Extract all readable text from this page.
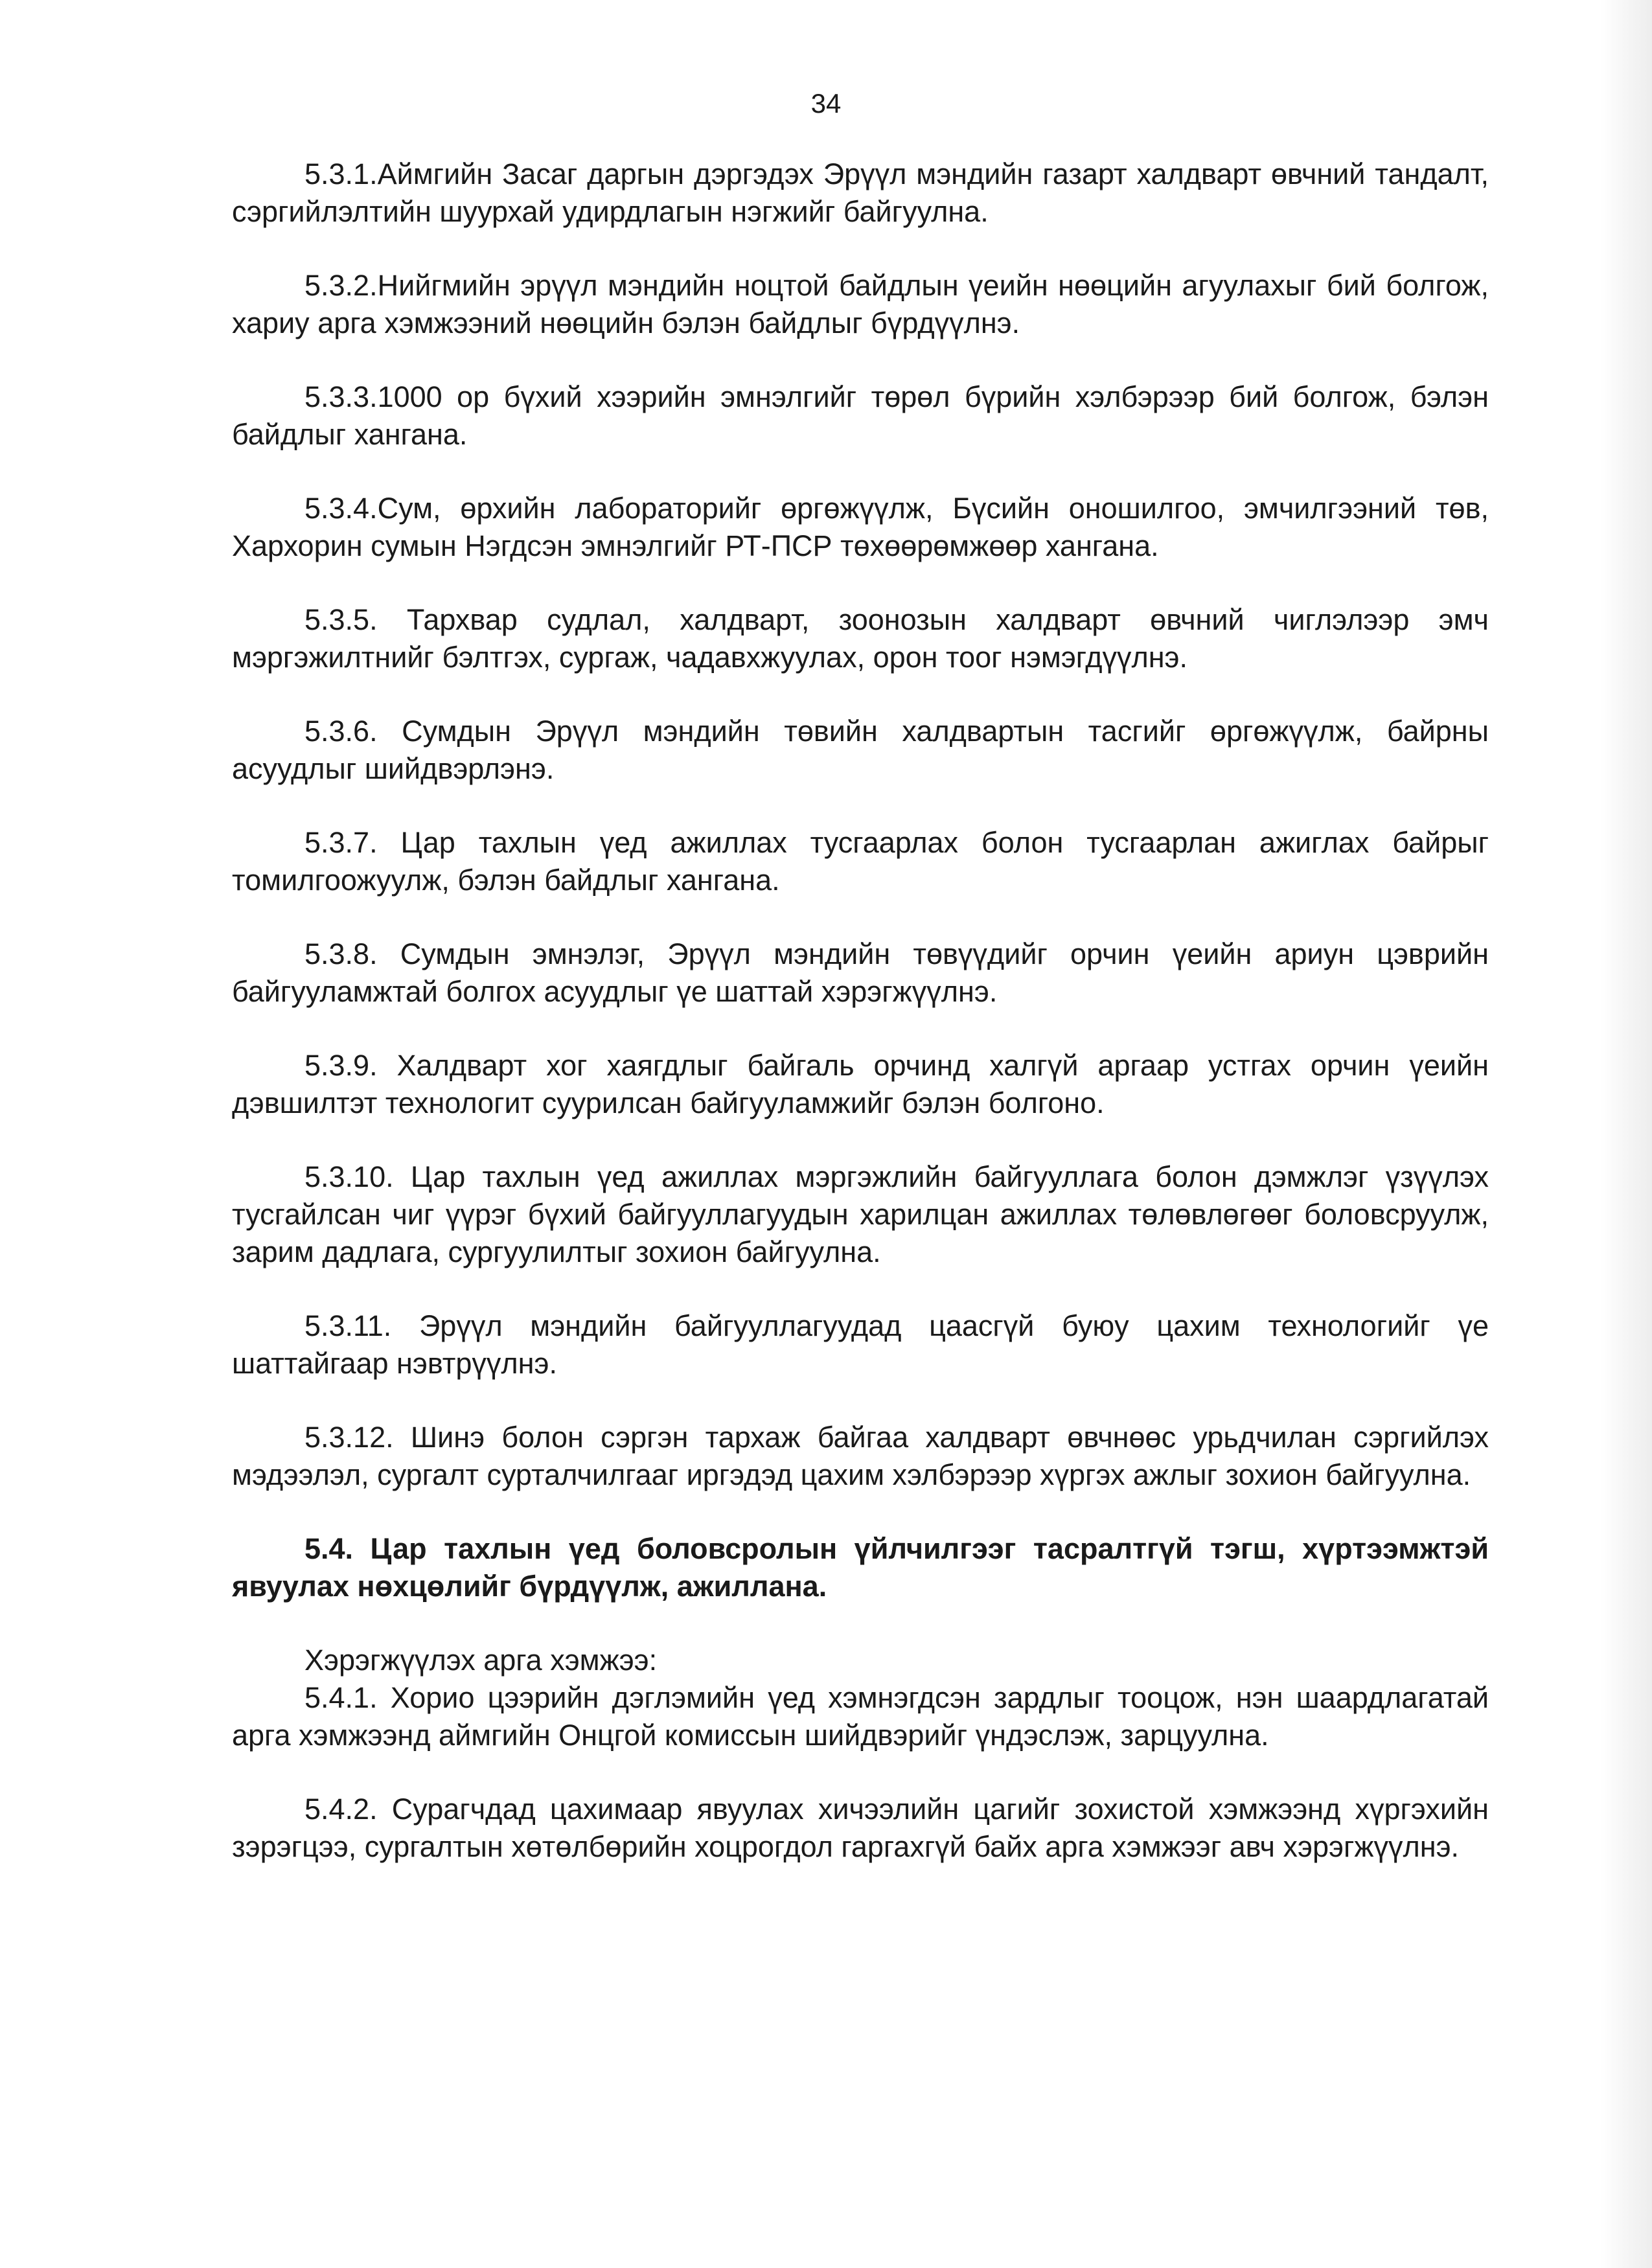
34

5.3.1.Аймгийн Засаг даргын дэргэдэх Эрүүл мэндийн газарт халдварт өвчний тандалт, сэргийлэлтийн шуурхай удирдлагын нэгжийг байгуулна.

5.3.2.Нийгмийн эрүүл мэндийн ноцтой байдлын үеийн нөөцийн агуулахыг бий болгож, хариу арга хэмжээний нөөцийн бэлэн байдлыг бүрдүүлнэ.

5.3.3.1000 ор бүхий хээрийн эмнэлгийг төрөл бүрийн хэлбэрээр бий болгож, бэлэн байдлыг хангана.

5.3.4.Сум, өрхийн лабораторийг өргөжүүлж, Бүсийн оношилгоо, эмчилгээний төв, Хархорин сумын Нэгдсэн эмнэлгийг РТ-ПСР төхөөрөмжөөр хангана.

5.3.5. Тархвар судлал, халдварт, зоонозын халдварт өвчний чиглэлээр эмч мэргэжилтнийг бэлтгэх, сургаж, чадавхжуулах, орон тоог нэмэгдүүлнэ.

5.3.6. Сумдын Эрүүл мэндийн төвийн халдвартын тасгийг өргөжүүлж, байрны асуудлыг шийдвэрлэнэ.

5.3.7. Цар тахлын үед ажиллах тусгаарлах болон тусгаарлан ажиглах байрыг томилгоожуулж, бэлэн байдлыг хангана.

5.3.8. Сумдын эмнэлэг, Эрүүл мэндийн төвүүдийг орчин үеийн ариун цэврийн байгууламжтай болгох асуудлыг үе шаттай хэрэгжүүлнэ.

5.3.9. Халдварт хог хаягдлыг байгаль орчинд халгүй аргаар устгах орчин үеийн дэвшилтэт технологит суурилсан байгууламжийг бэлэн болгоно.

5.3.10. Цар тахлын үед ажиллах мэргэжлийн байгууллага болон дэмжлэг үзүүлэх тусгайлсан чиг үүрэг бүхий байгууллагуудын харилцан ажиллах төлөвлөгөөг боловсруулж, зарим дадлага, сургуулилтыг зохион байгуулна.

5.3.11. Эрүүл мэндийн байгууллагуудад цаасгүй буюу цахим технологийг үе шаттайгаар нэвтрүүлнэ.

5.3.12. Шинэ болон сэргэн тархаж байгаа халдварт өвчнөөс урьдчилан сэргийлэх мэдээлэл, сургалт сурталчилгааг иргэдэд цахим хэлбэрээр хүргэх ажлыг зохион байгуулна.

5.4. Цар тахлын үед боловсролын үйлчилгээг тасралтгүй тэгш, хүртээмжтэй явуулах нөхцөлийг бүрдүүлж, ажиллана.

Хэрэгжүүлэх арга хэмжээ:

5.4.1. Хорио цээрийн дэглэмийн үед хэмнэгдсэн зардлыг тооцож, нэн шаардлагатай арга хэмжээнд аймгийн Онцгой комиссын шийдвэрийг үндэслэж, зарцуулна.

5.4.2. Сурагчдад цахимаар явуулах хичээлийн цагийг зохистой хэмжээнд хүргэхийн зэрэгцээ, сургалтын хөтөлбөрийн хоцрогдол гаргахгүй байх арга хэмжээг авч хэрэгжүүлнэ.
